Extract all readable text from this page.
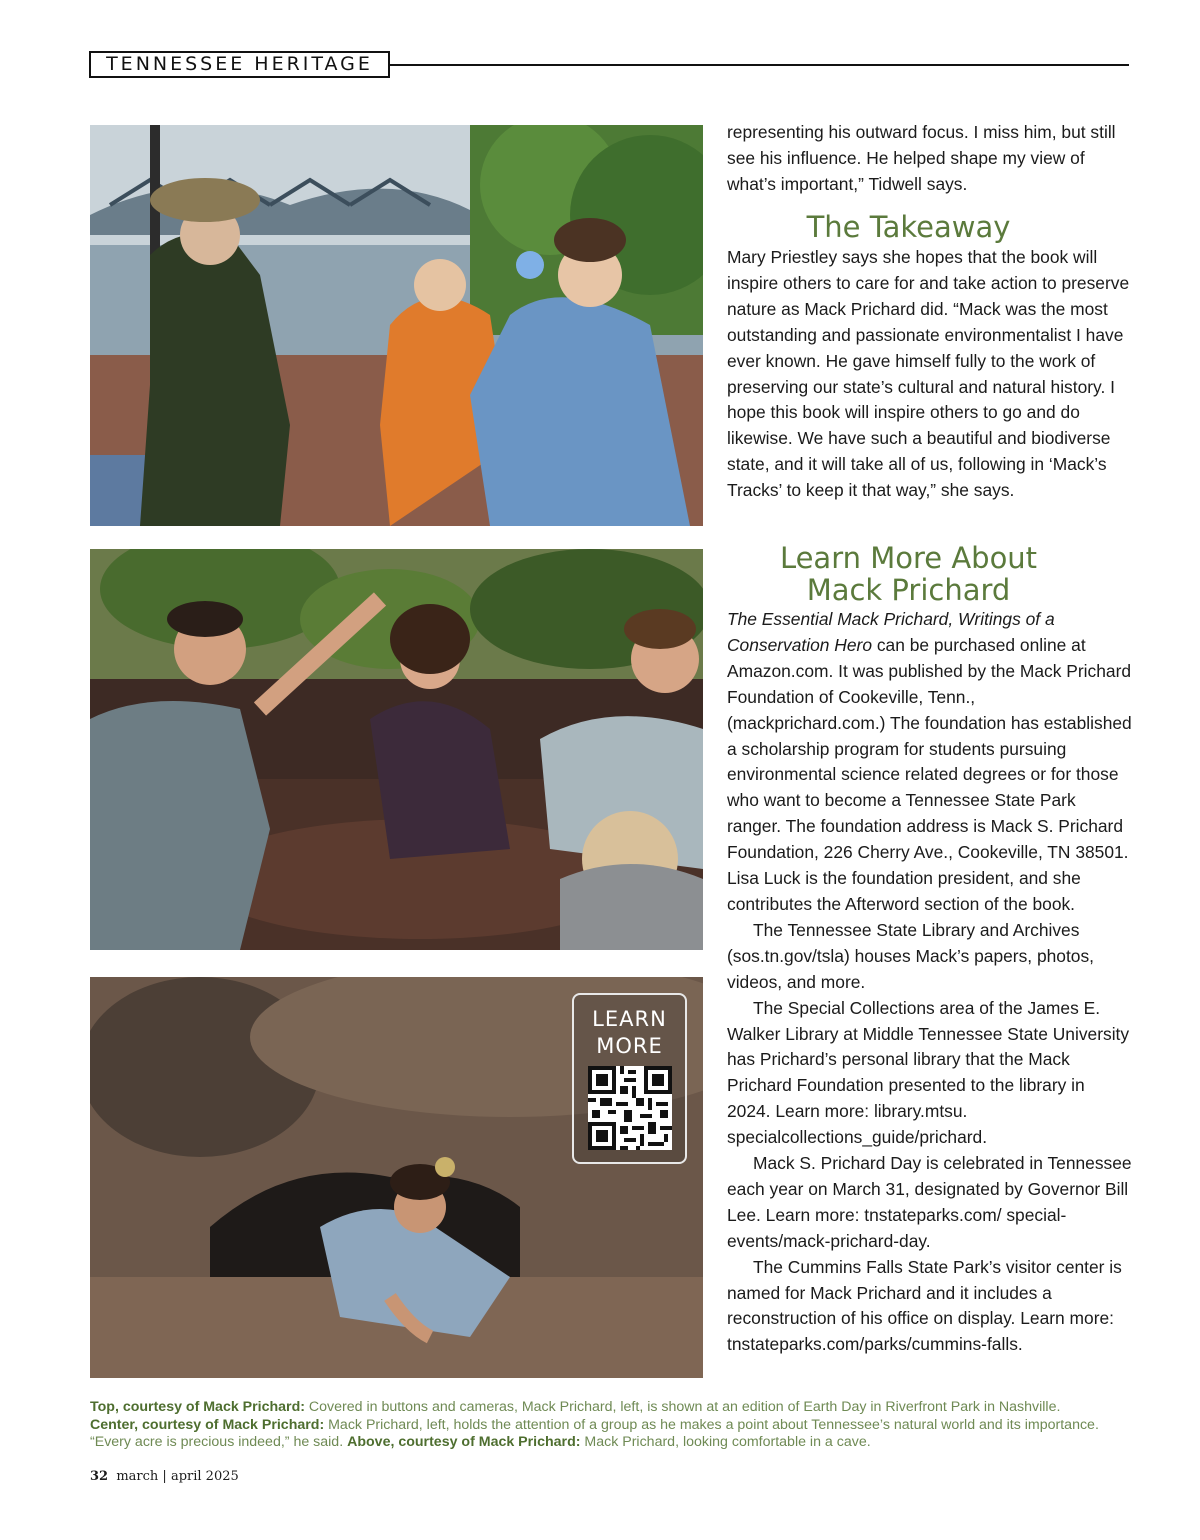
TENNESSEE HERITAGE
LEARN
MORE

representing his outward focus. I miss him, but still see his influence. He helped shape my view of what’s important,” Tidwell says.

The Takeaway

Mary Priestley says she hopes that the book will inspire others to care for and take action to preserve nature as Mack Prichard did. “Mack was the most outstanding and passionate environmentalist I have ever known. He gave himself fully to the work of preserving our state’s cultural and natural history. I hope this book will inspire others to go and do likewise. We have such a beautiful and biodiverse state, and it will take all of us, following in ‘Mack’s Tracks’ to keep it that way,” she says.

Learn More About
Mack Prichard

The Essential Mack Prichard, Writings of a Conservation Hero can be purchased online at Amazon.com. It was published by the Mack Prichard Foundation of Cookeville, Tenn., (mackprichard.com.) The foundation has established a scholarship program for students pursuing environmental science related degrees or for those who want to become a Tennessee State Park ranger. The foundation address is Mack S. Prichard Foundation, 226 Cherry Ave., Cookeville, TN 38501. Lisa Luck is the foundation president, and she contributes the Afterword section of the book.

The Tennessee State Library and Archives (sos.tn.gov/tsla) houses Mack’s papers, photos, videos, and more.

The Special Collections area of the James E. Walker Library at Middle Tennessee State University has Prichard’s personal library that the Mack Prichard Foundation presented to the library in 2024. Learn more: library.mtsu. specialcollections_guide/prichard.

Mack S. Prichard Day is celebrated in Tennessee each year on March 31, designated by Governor Bill Lee. Learn more: tnstateparks.com/ special-events/mack-prichard-day.

The Cummins Falls State Park’s visitor center is named for Mack Prichard and it includes a reconstruction of his office on display. Learn more: tnstateparks.com/parks/cummins-falls.

Top, courtesy of Mack Prichard: Covered in buttons and cameras, Mack Prichard, left, is shown at an edition of Earth Day in Riverfront Park in Nashville.
Center, courtesy of Mack Prichard: Mack Prichard, left, holds the attention of a group as he makes a point about Tennessee’s natural world and its importance. “Every acre is precious indeed,” he said. Above, courtesy of Mack Prichard: Mack Prichard, looking comfortable in a cave.
32 march | april 2025
